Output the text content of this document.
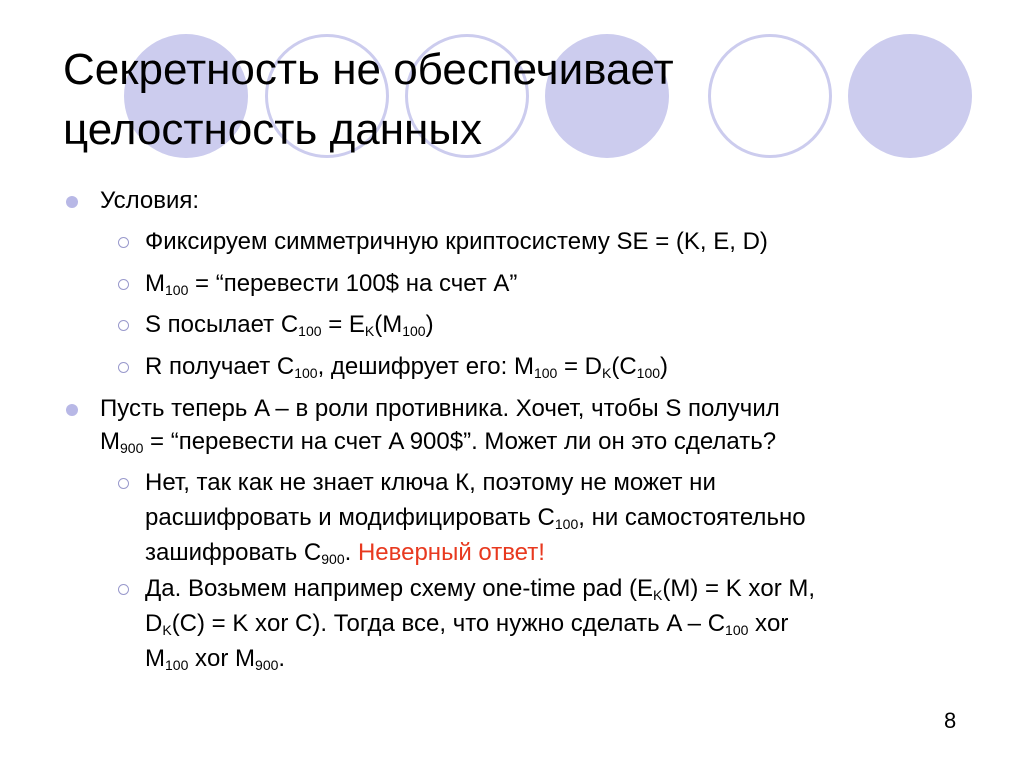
Секретность не обеспечивает
целостность данных
Условия:
Фиксируем симметричную криптосистему SE = (K, E, D)
$M_{100}$ = “перевести 100$ на счет A”
S посылает $C_{100} = E_K(M_{100})$
R получает $C_{100}$, дешифрует его: $M_{100} = D_K(C_{100})$
Пусть теперь A – в роли противника. Хочет, чтобы S получил
$M_{900}$ = “перевести на счет A 900$”. Может ли он это сделать?
Нет, так как не знает ключа К, поэтому не может ни
расшифровать и модифицировать $C_{100}$, ни самостоятельно
зашифровать $C_{900}$. Неверный ответ!
Да. Возьмем например схему one-time pad ($E_K(M) = K$ xor M,
$D_K(C) = K$ xor C). Тогда все, что нужно сделать A – $C_{100}$ xor
$M_{100}$ xor $M_{900}$.
8
